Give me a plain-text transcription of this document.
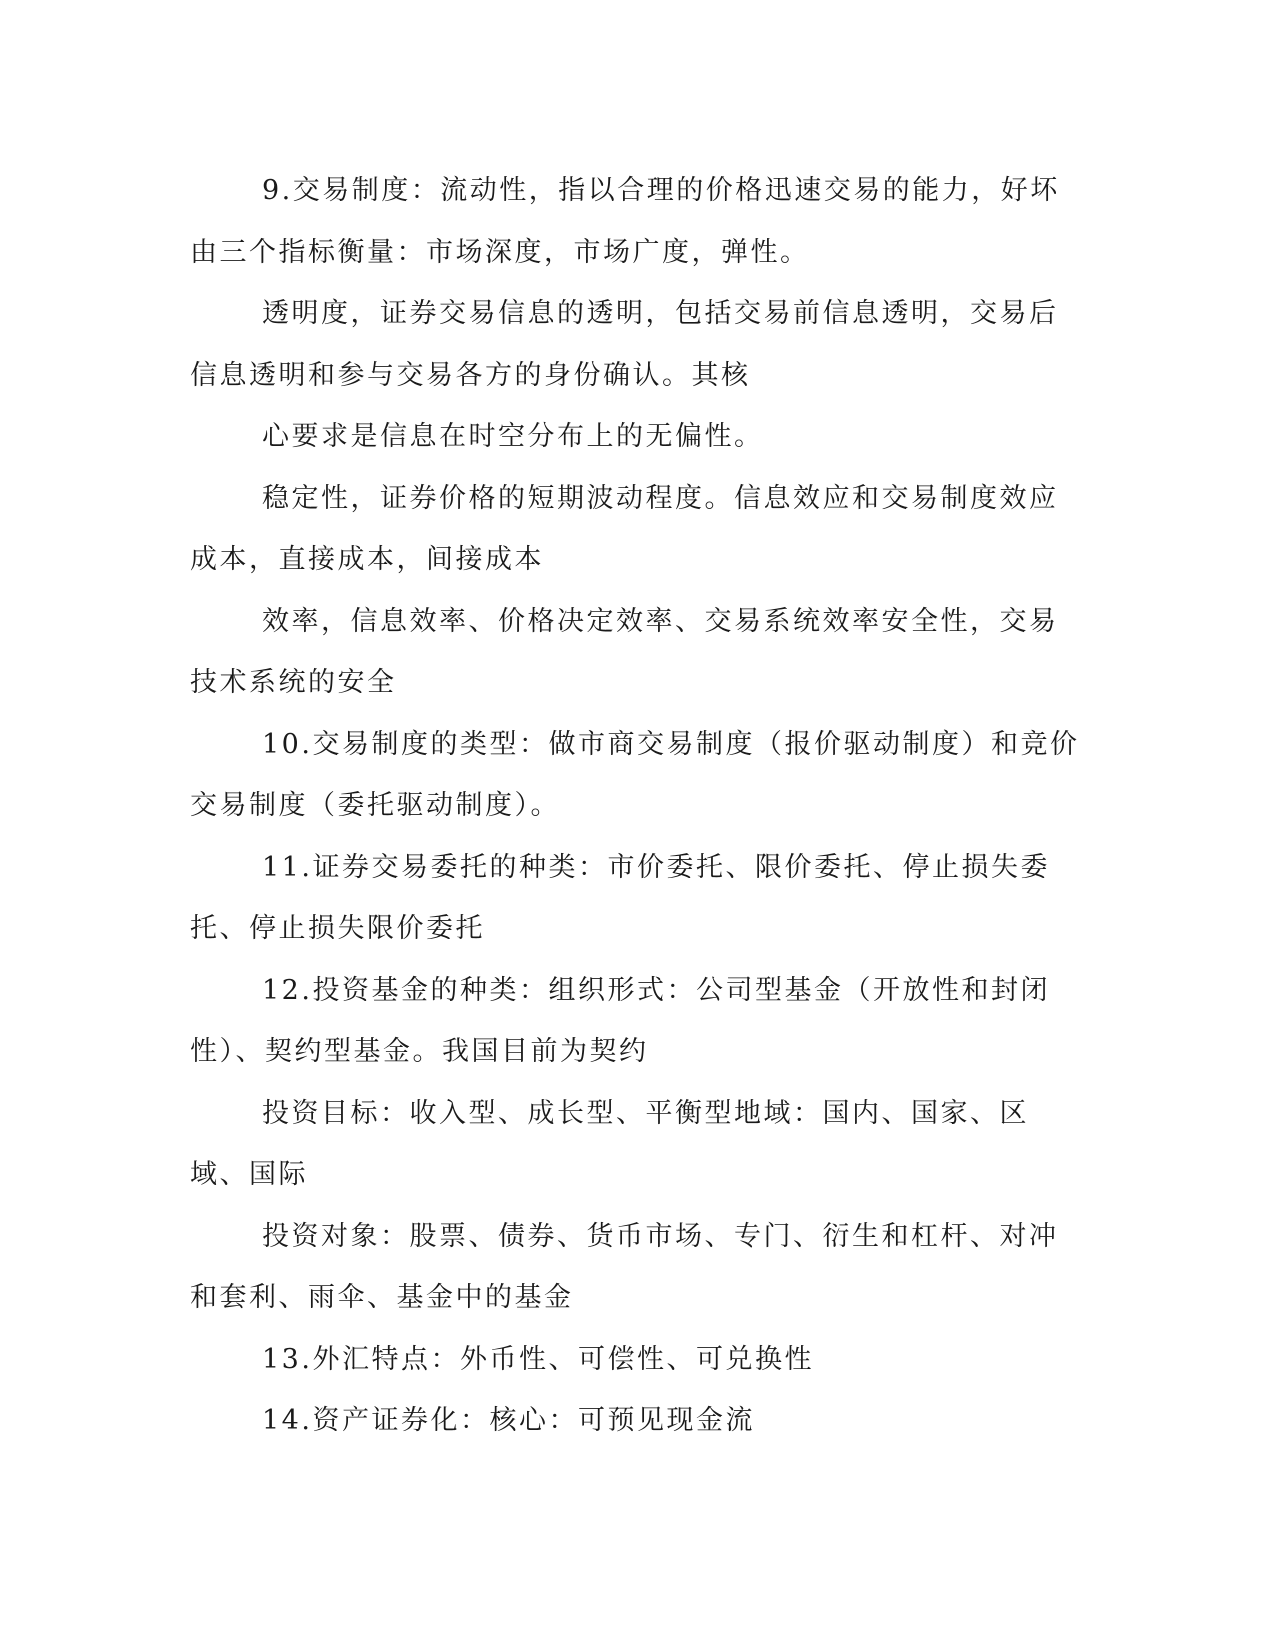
9.交易制度：流动性，指以合理的价格迅速交易的能力，好坏由三个指标衡量：市场深度，市场广度，弹性。

透明度，证券交易信息的透明，包括交易前信息透明，交易后信息透明和参与交易各方的身份确认。其核

心要求是信息在时空分布上的无偏性。

稳定性，证券价格的短期波动程度。信息效应和交易制度效应成本，直接成本，间接成本

效率，信息效率、价格决定效率、交易系统效率安全性，交易技术系统的安全

10.交易制度的类型：做市商交易制度（报价驱动制度）和竞价交易制度（委托驱动制度）。

11.证券交易委托的种类：市价委托、限价委托、停止损失委托、停止损失限价委托

12.投资基金的种类：组织形式：公司型基金（开放性和封闭性）、契约型基金。我国目前为契约

投资目标：收入型、成长型、平衡型地域：国内、国家、区域、国际

投资对象：股票、债券、货币市场、专门、衍生和杠杆、对冲和套利、雨伞、基金中的基金

13.外汇特点：外币性、可偿性、可兑换性

14.资产证券化：核心：可预见现金流
